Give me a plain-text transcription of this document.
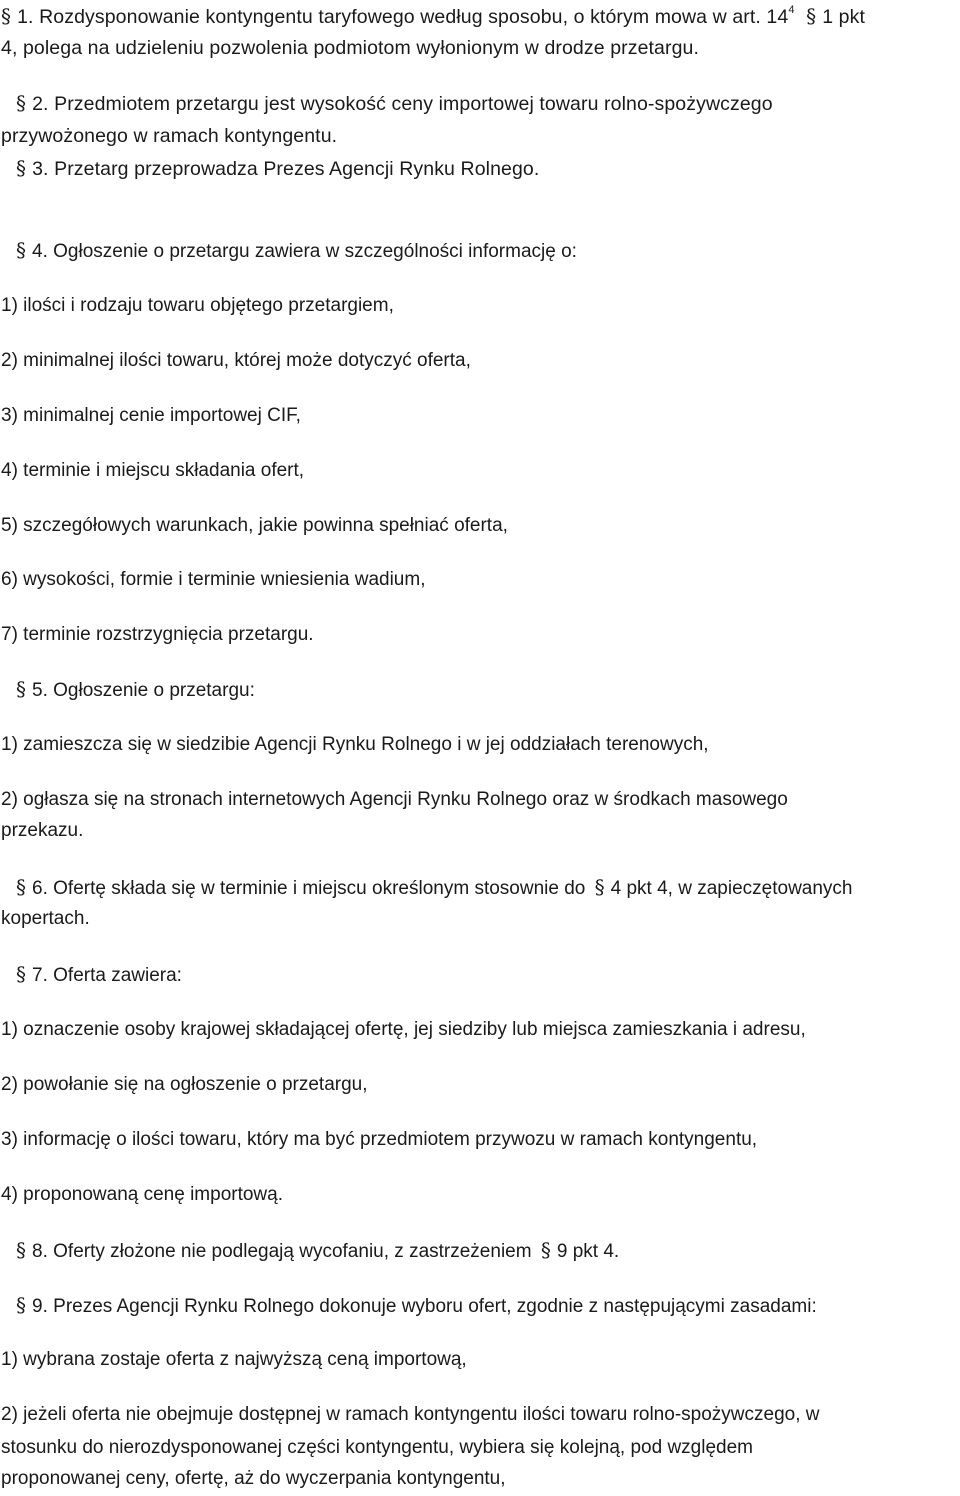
§ 1. Rozdysponowanie kontyngentu taryfowego według sposobu, o którym mowa w art. $14^4$ § 1 pkt
4, polega na udzieleniu pozwolenia podmiotom wyłonionym w drodze przetargu.
§ 2. Przedmiotem przetargu jest wysokość ceny importowej towaru rolno-spożywczego
przywożonego w ramach kontyngentu.
§ 3. Przetarg przeprowadza Prezes Agencji Rynku Rolnego.
§ 4. Ogłoszenie o przetargu zawiera w szczególności informację o:
1) ilości i rodzaju towaru objętego przetargiem,
2) minimalnej ilości towaru, której może dotyczyć oferta,
3) minimalnej cenie importowej CIF,
4) terminie i miejscu składania ofert,
5) szczegółowych warunkach, jakie powinna spełniać oferta,
6) wysokości, formie i terminie wniesienia wadium,
7) terminie rozstrzygnięcia przetargu.
§ 5. Ogłoszenie o przetargu:
1) zamieszcza się w siedzibie Agencji Rynku Rolnego i w jej oddziałach terenowych,
2) ogłasza się na stronach internetowych Agencji Rynku Rolnego oraz w środkach masowego
przekazu.
§ 6. Ofertę składa się w terminie i miejscu określonym stosownie do § 4 pkt 4, w zapieczętowanych
kopertach.
§ 7. Oferta zawiera:
1) oznaczenie osoby krajowej składającej ofertę, jej siedziby lub miejsca zamieszkania i adresu,
2) powołanie się na ogłoszenie o przetargu,
3) informację o ilości towaru, który ma być przedmiotem przywozu w ramach kontyngentu,
4) proponowaną cenę importową.
§ 8. Oferty złożone nie podlegają wycofaniu, z zastrzeżeniem § 9 pkt 4.
§ 9. Prezes Agencji Rynku Rolnego dokonuje wyboru ofert, zgodnie z następującymi zasadami:
1) wybrana zostaje oferta z najwyższą ceną importową,
2) jeżeli oferta nie obejmuje dostępnej w ramach kontyngentu ilości towaru rolno-spożywczego, w
stosunku do nierozdysponowanej części kontyngentu, wybiera się kolejną, pod względem
proponowanej ceny, ofertę, aż do wyczerpania kontyngentu,
